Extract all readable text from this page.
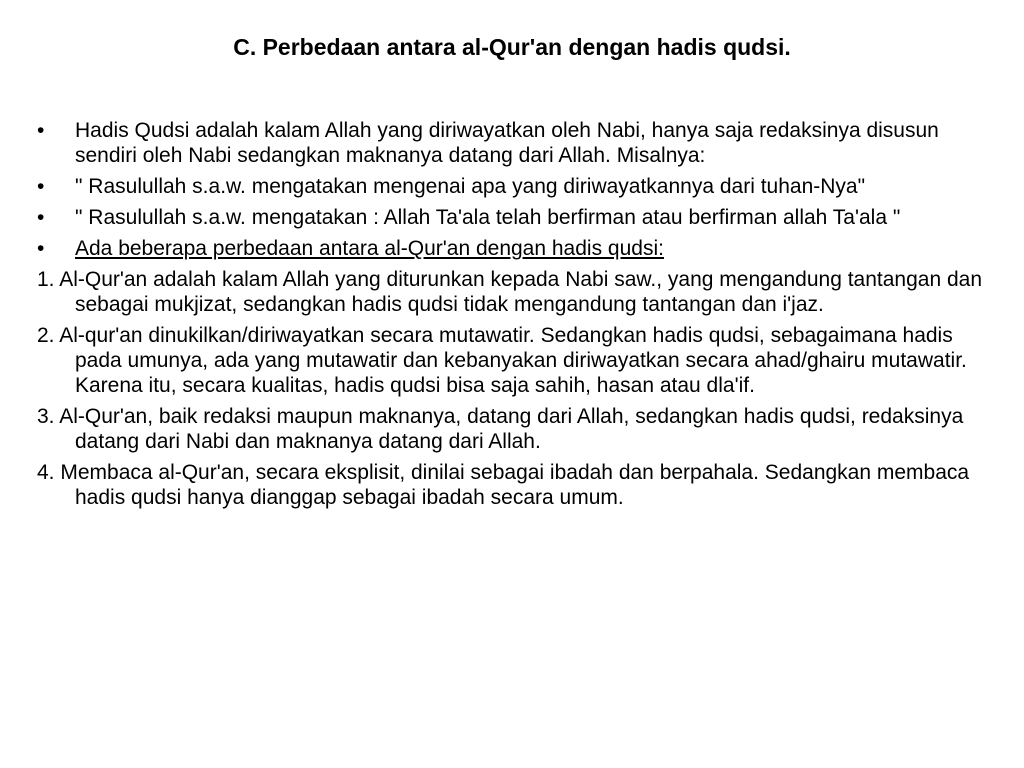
C. Perbedaan antara al-Qur'an dengan hadis qudsi.
• Hadis Qudsi adalah kalam Allah yang diriwayatkan oleh Nabi, hanya saja redaksinya disusun sendiri oleh Nabi sedangkan maknanya datang dari Allah. Misalnya:
• " Rasulullah s.a.w. mengatakan mengenai apa yang diriwayatkannya dari tuhan-Nya"
• " Rasulullah s.a.w. mengatakan : Allah Ta'ala telah berfirman atau berfirman allah Ta'ala "
• Ada beberapa perbedaan antara al-Qur'an dengan hadis qudsi:
1. Al-Qur'an adalah kalam Allah yang diturunkan kepada Nabi saw., yang mengandung tantangan dan sebagai mukjizat, sedangkan hadis qudsi tidak mengandung tantangan dan i'jaz.
2. Al-qur'an dinukilkan/diriwayatkan secara mutawatir. Sedangkan hadis qudsi, sebagaimana hadis pada umunya, ada yang mutawatir dan kebanyakan diriwayatkan secara ahad/ghairu mutawatir. Karena itu, secara kualitas, hadis qudsi bisa saja sahih, hasan atau dla'if.
3. Al-Qur'an, baik redaksi maupun maknanya, datang dari Allah, sedangkan hadis qudsi, redaksinya datang dari Nabi dan maknanya datang dari Allah.
4. Membaca al-Qur'an, secara eksplisit, dinilai sebagai ibadah dan berpahala. Sedangkan membaca hadis qudsi hanya dianggap sebagai ibadah secara umum.
